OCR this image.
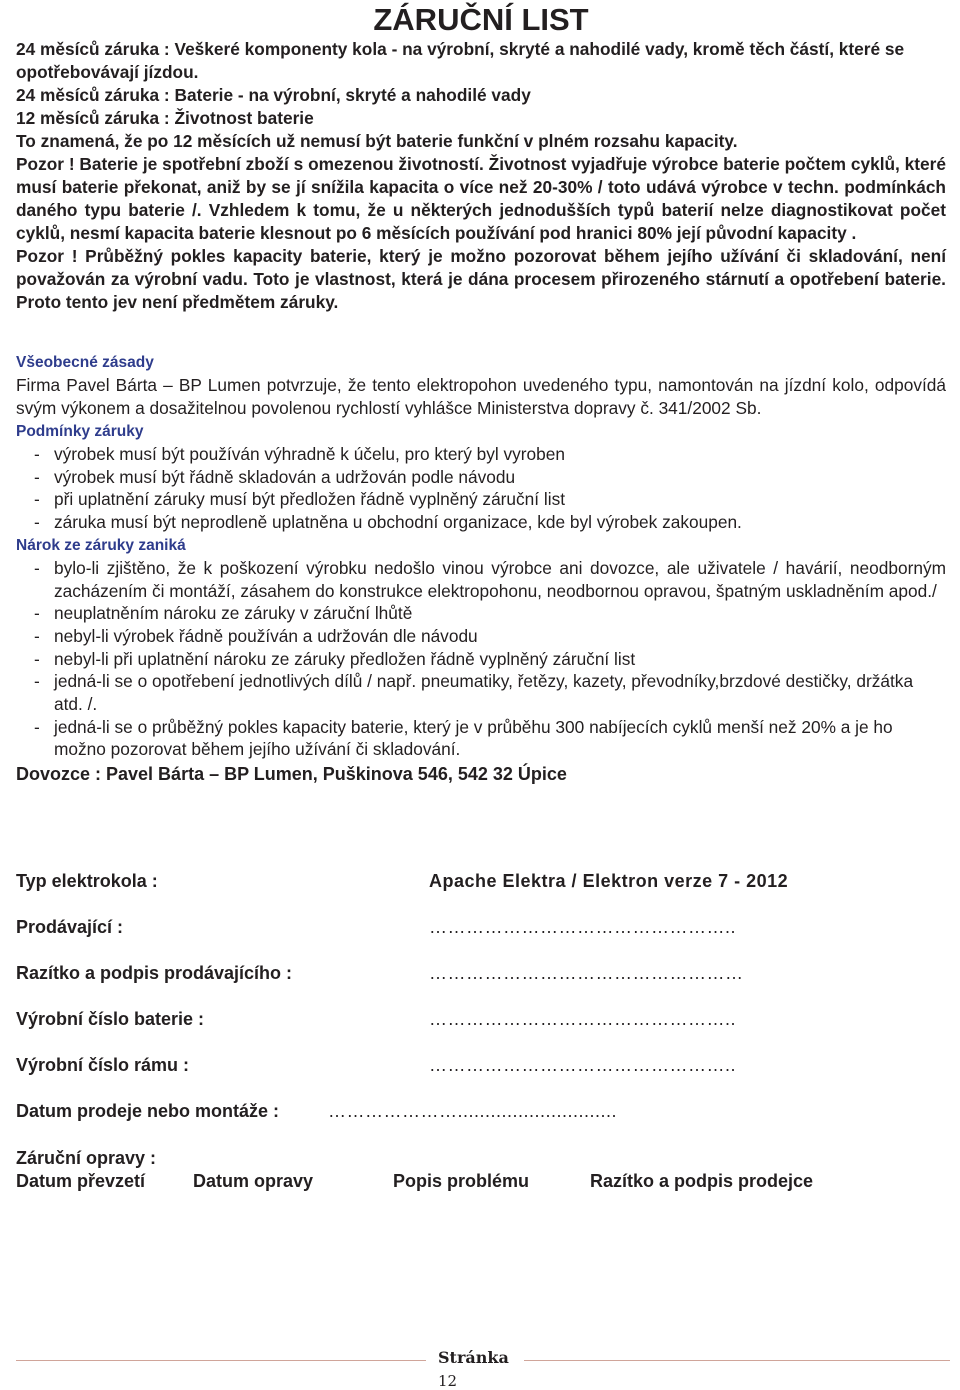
ZÁRUČNÍ LIST

24 měsíců záruka : Veškeré komponenty kola - na výrobní, skryté a nahodilé vady, kromě těch částí, které se opotřebovávají jízdou.

24 měsíců záruka : Baterie - na výrobní, skryté a nahodilé vady

12 měsíců záruka : Životnost baterie

To znamená, že po 12 měsících už nemusí být baterie funkční v plném rozsahu kapacity.

Pozor ! Baterie je spotřební zboží s omezenou životností. Životnost vyjadřuje výrobce baterie počtem cyklů, které musí baterie překonat, aniž by se jí snížila kapacita o více než 20-30% / toto udává výrobce v techn. podmínkách daného typu baterie /. Vzhledem k tomu, že u některých jednodušších typů baterií nelze diagnostikovat počet cyklů, nesmí kapacita baterie klesnout po 6 měsících používání pod hranici 80% její původní kapacity .

Pozor ! Průběžný pokles kapacity baterie, který je možno pozorovat během jejího užívání či skladování, není považován za výrobní vadu. Toto je vlastnost, která je dána procesem přirozeného stárnutí a opotřebení baterie. Proto tento jev není předmětem záruky.

Všeobecné zásady

Firma Pavel Bárta – BP Lumen potvrzuje, že tento elektropohon uvedeného typu, namontován na jízdní kolo, odpovídá svým výkonem a dosažitelnou povolenou rychlostí vyhlášce Ministerstva dopravy č. 341/2002 Sb.

Podmínky záruky

- výrobek musí být používán výhradně k účelu, pro který byl vyroben
- výrobek musí být řádně skladován a udržován podle návodu
- při uplatnění záruky musí být předložen řádně vyplněný záruční list
- záruka musí být neprodleně uplatněna u obchodní organizace, kde byl výrobek zakoupen.

Nárok ze záruky zaniká

- bylo-li zjištěno, že k poškození výrobku nedošlo vinou výrobce ani dovozce, ale uživatele / havárií, neodborným zacházením či montáží, zásahem do konstrukce elektropohonu, neodbornou opravou, špatným uskladněním apod./
- neuplatněním nároku ze záruky v záruční lhůtě
- nebyl-li výrobek řádně používán a udržován dle návodu
- nebyl-li při uplatnění nároku ze záruky předložen řádně vyplněný záruční list
- jedná-li se o opotřebení jednotlivých dílů / např. pneumatiky, řetězy, kazety, převodníky,brzdové destičky, držátka atd. /.
- jedná-li se o průběžný pokles kapacity baterie, který je v průběhu 300 nabíjecích cyklů menší než 20% a je ho možno pozorovat během jejího užívání či skladování.

Dovozce : Pavel Bárta – BP Lumen, Puškinova 546, 542 32 Úpice

Typ elektrokola :	Apache Elektra / Elektron verze 7 - 2012
Prodávající :	…………………………………………..
Razítko a podpis prodávajícího :	……………………………………………
Výrobní číslo baterie :	…………………………………………..
Výrobní číslo rámu :	…………………………………………..
Datum prodeje nebo montáže :	………………….............................
Záruční opravy :
Datum převzetí	Datum opravy	Popis problému	Razítko a podpis prodejce
Stránka
12
